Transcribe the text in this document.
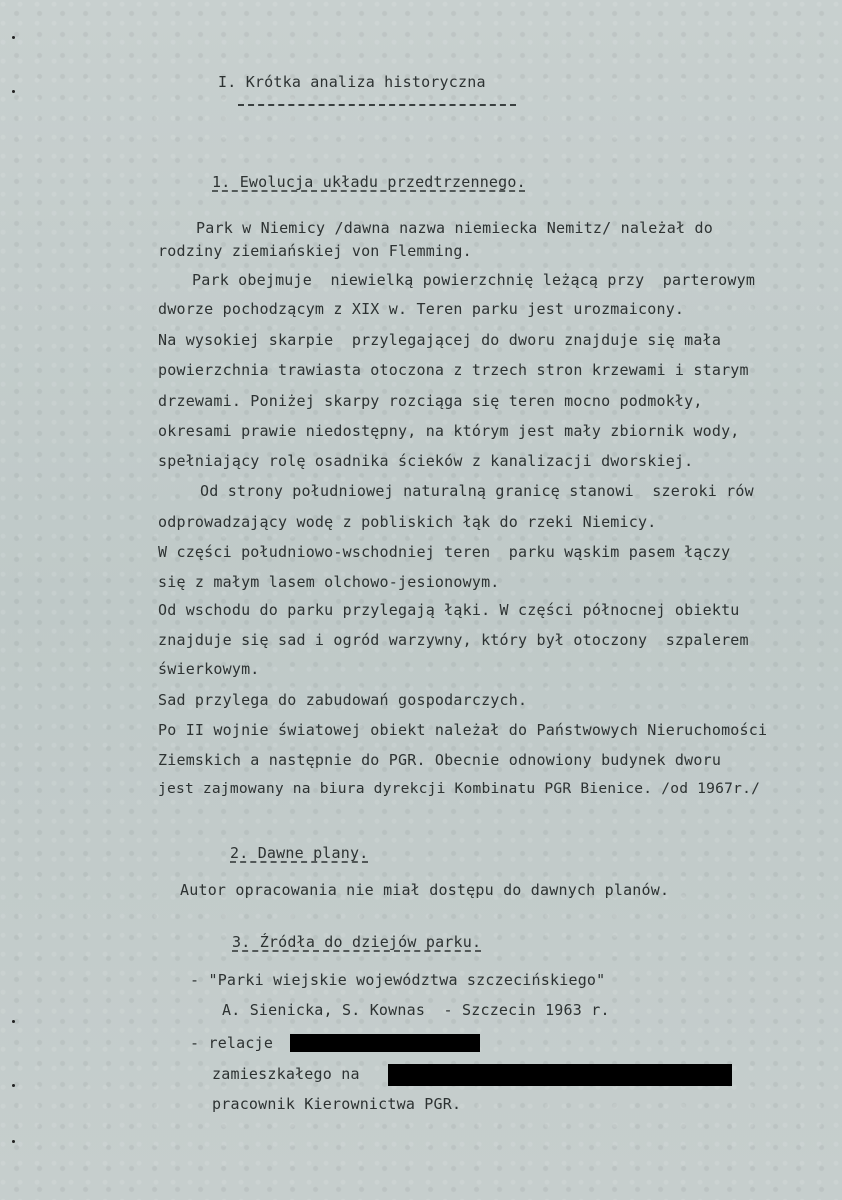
I. Krótka analiza historyczna
1. Ewolucja układu przedtrzennego.
Park w Niemicy /dawna nazwa niemiecka Nemitz/ należał do
rodziny ziemiańskiej von Flemming.
Park obejmuje  niewielką powierzchnię leżącą przy  parterowym
dworze pochodzącym z XIX w. Teren parku jest urozmaicony.
Na wysokiej skarpie  przylegającej do dworu znajduje się mała
powierzchnia trawiasta otoczona z trzech stron krzewami i starym
drzewami. Poniżej skarpy rozciąga się teren mocno podmokły,
okresami prawie niedostępny, na którym jest mały zbiornik wody,
spełniający rolę osadnika ścieków z kanalizacji dworskiej.
Od strony południowej naturalną granicę stanowi  szeroki rów
odprowadzający wodę z pobliskich łąk do rzeki Niemicy.
W części południowo-wschodniej teren  parku wąskim pasem łączy
się z małym lasem olchowo-jesionowym.
Od wschodu do parku przylegają łąki. W części północnej obiektu
znajduje się sad i ogród warzywny, który był otoczony  szpalerem
świerkowym.
Sad przylega do zabudowań gospodarczych.
Po II wojnie światowej obiekt należał do Państwowych Nieruchomości
Ziemskich a następnie do PGR. Obecnie odnowiony budynek dworu
jest zajmowany na biura dyrekcji Kombinatu PGR Bienice. /od 1967r./
2. Dawne plany.
Autor opracowania nie miał dostępu do dawnych planów.
3. Źródła do dziejów parku.
- "Parki wiejskie województwa szczecińskiego"
A. Sienicka, S. Kownas  - Szczecin 1963 r.
- relacje
zamieszkałego na
pracownik Kierownictwa PGR.
